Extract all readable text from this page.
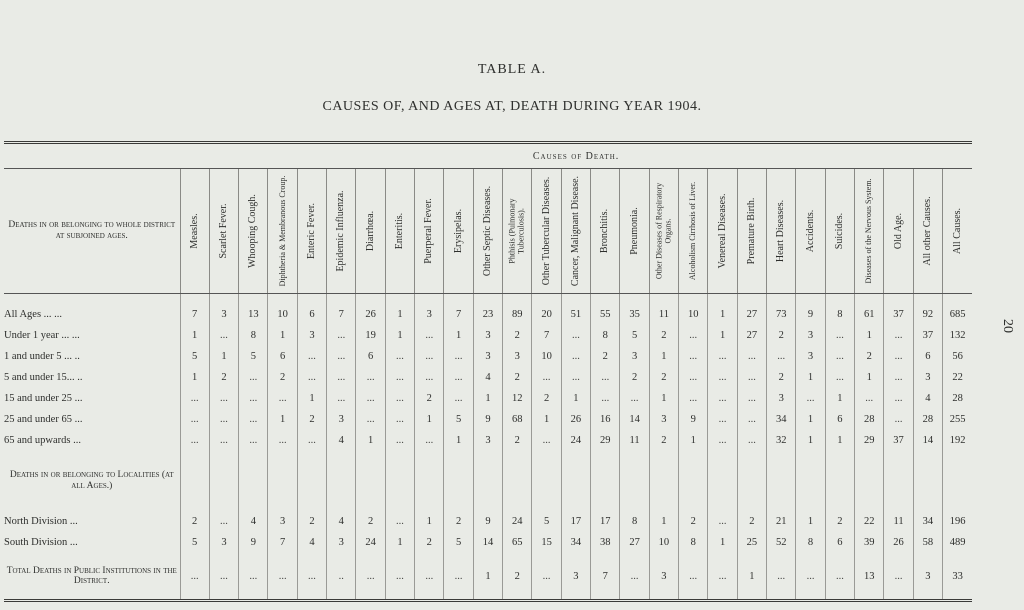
TABLE A.
CAUSES OF, AND AGES AT, DEATH DURING YEAR 1904.
20
	Causes of Death.																										
Deaths in or belonging to whole district at subjoined ages.	Measles.	Scarlet Fever.	Whooping Cough.	Diphtheria & Membranous Croup.	Enteric Fever.	Epidemic Influenza.	Diarrhœa.	Enteritis.	Puerperal Fever.	Erysipelas.	Other Septic Diseases.	Phthisis (Pulmonary Tuberculosis).	Other Tubercular Diseases.	Cancer, Malignant Disease.	Bronchitis.	Pneumonia.	Other Diseases of Respiratory Organs.	Alcoholism Cirrhosis of Liver.	Venereal Diseases.	Premature Birth.	Heart Diseases.	Accidents.	Suicides.	Diseases of the Nervous System.	Old Age.	All other Causes.	All Causes.

All Ages ... ...	7	3	13	10	6	7	26	1	3	7	23	89	20	51	55	35	11	10	1	27	73	9	8	61	37	92	685
Under 1 year ... ...	1	...	8	1	3	...	19	1	...	1	3	2	7	...	8	5	2	...	1	27	2	3	...	1	...	37	132
1 and under 5 ... ..	5	1	5	6	...	...	6	...	...	...	3	3	10	...	2	3	1	...	...	...	...	3	...	2	...	6	56
5 and under 15... ..	1	2	...	2	...	...	...	...	...	...	4	2	...	...	...	2	2	...	...	...	2	1	...	1	...	3	22
15 and under 25 ...	...	...	...	...	1	...	...	...	2	...	1	12	2	1	...	...	1	...	...	...	3	...	1	...	...	4	28
25 and under 65 ...	...	...	...	1	2	3	...	...	1	5	9	68	1	26	16	14	3	9	...	...	34	1	6	28	...	28	255
65 and upwards ...	...	...	...	...	...	4	1	...	...	1	3	2	...	24	29	11	2	1	...	...	32	1	1	29	37	14	192
Deaths in or belonging to Localities (at all Ages.)																											
North Division ...	2	...	4	3	2	4	2	...	1	2	9	24	5	17	17	8	1	2	...	2	21	1	2	22	11	34	196
South Division ...	5	3	9	7	4	3	24	1	2	5	14	65	15	34	38	27	10	8	1	25	52	8	6	39	26	58	489
Total Deaths in Public Institutions in the District.	...	...	...	...	...	..	...	...	...	...	1	2	...	3	7	...	3	...	...	1	...	...	...	13	...	3	33
